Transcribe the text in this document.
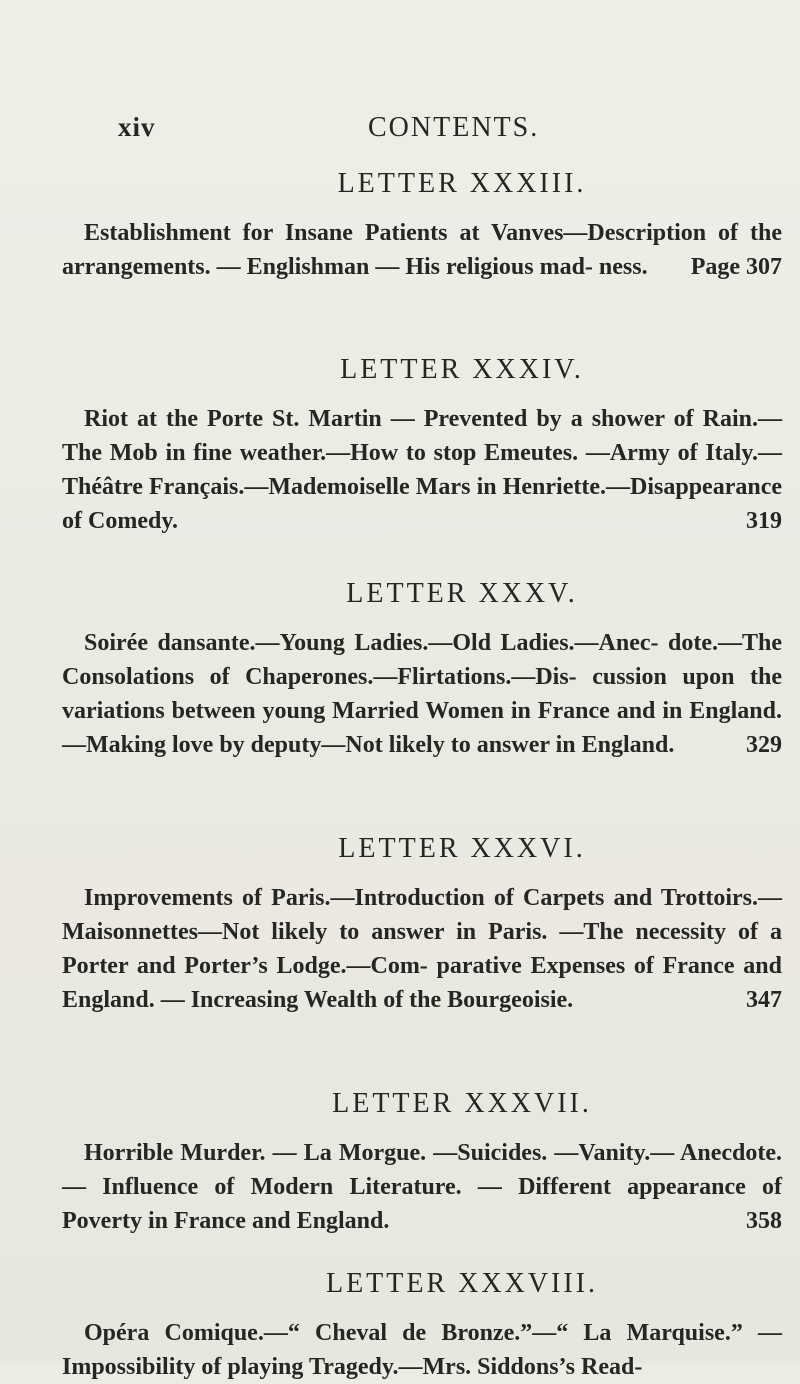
xiv	CONTENTS.
LETTER XXXIII.

Establishment for Insane Patients at Vanves—Description of the arrangements. — Englishman — His religious mad- ness.	Page 307

LETTER XXXIV.

Riot at the Porte St. Martin — Prevented by a shower of Rain.—The Mob in fine weather.—How to stop Emeutes. —Army of Italy.—Théâtre Français.—Mademoiselle Mars in Henriette.—Disappearance of Comedy.	319

LETTER XXXV.

Soirée dansante.—Young Ladies.—Old Ladies.—Anec- dote.—The Consolations of Chaperones.—Flirtations.—Dis- cussion upon the variations between young Married Women in France and in England.—Making love by deputy—Not likely to answer in England.	329

LETTER XXXVI.

Improvements of Paris.—Introduction of Carpets and Trottoirs.—Maisonnettes—Not likely to answer in Paris. —The necessity of a Porter and Porter’s Lodge.—Com- parative Expenses of France and England. — Increasing Wealth of the Bourgeoisie.	347

LETTER XXXVII.

Horrible Murder. — La Morgue. —Suicides. —Vanity.— Anecdote. — Influence of Modern Literature. — Different appearance of Poverty in France and England.	358

LETTER XXXVIII.

Opéra Comique.—“ Cheval de Bronze.”—“ La Marquise.” —Impossibility of playing Tragedy.—Mrs. Siddons’s Read-
